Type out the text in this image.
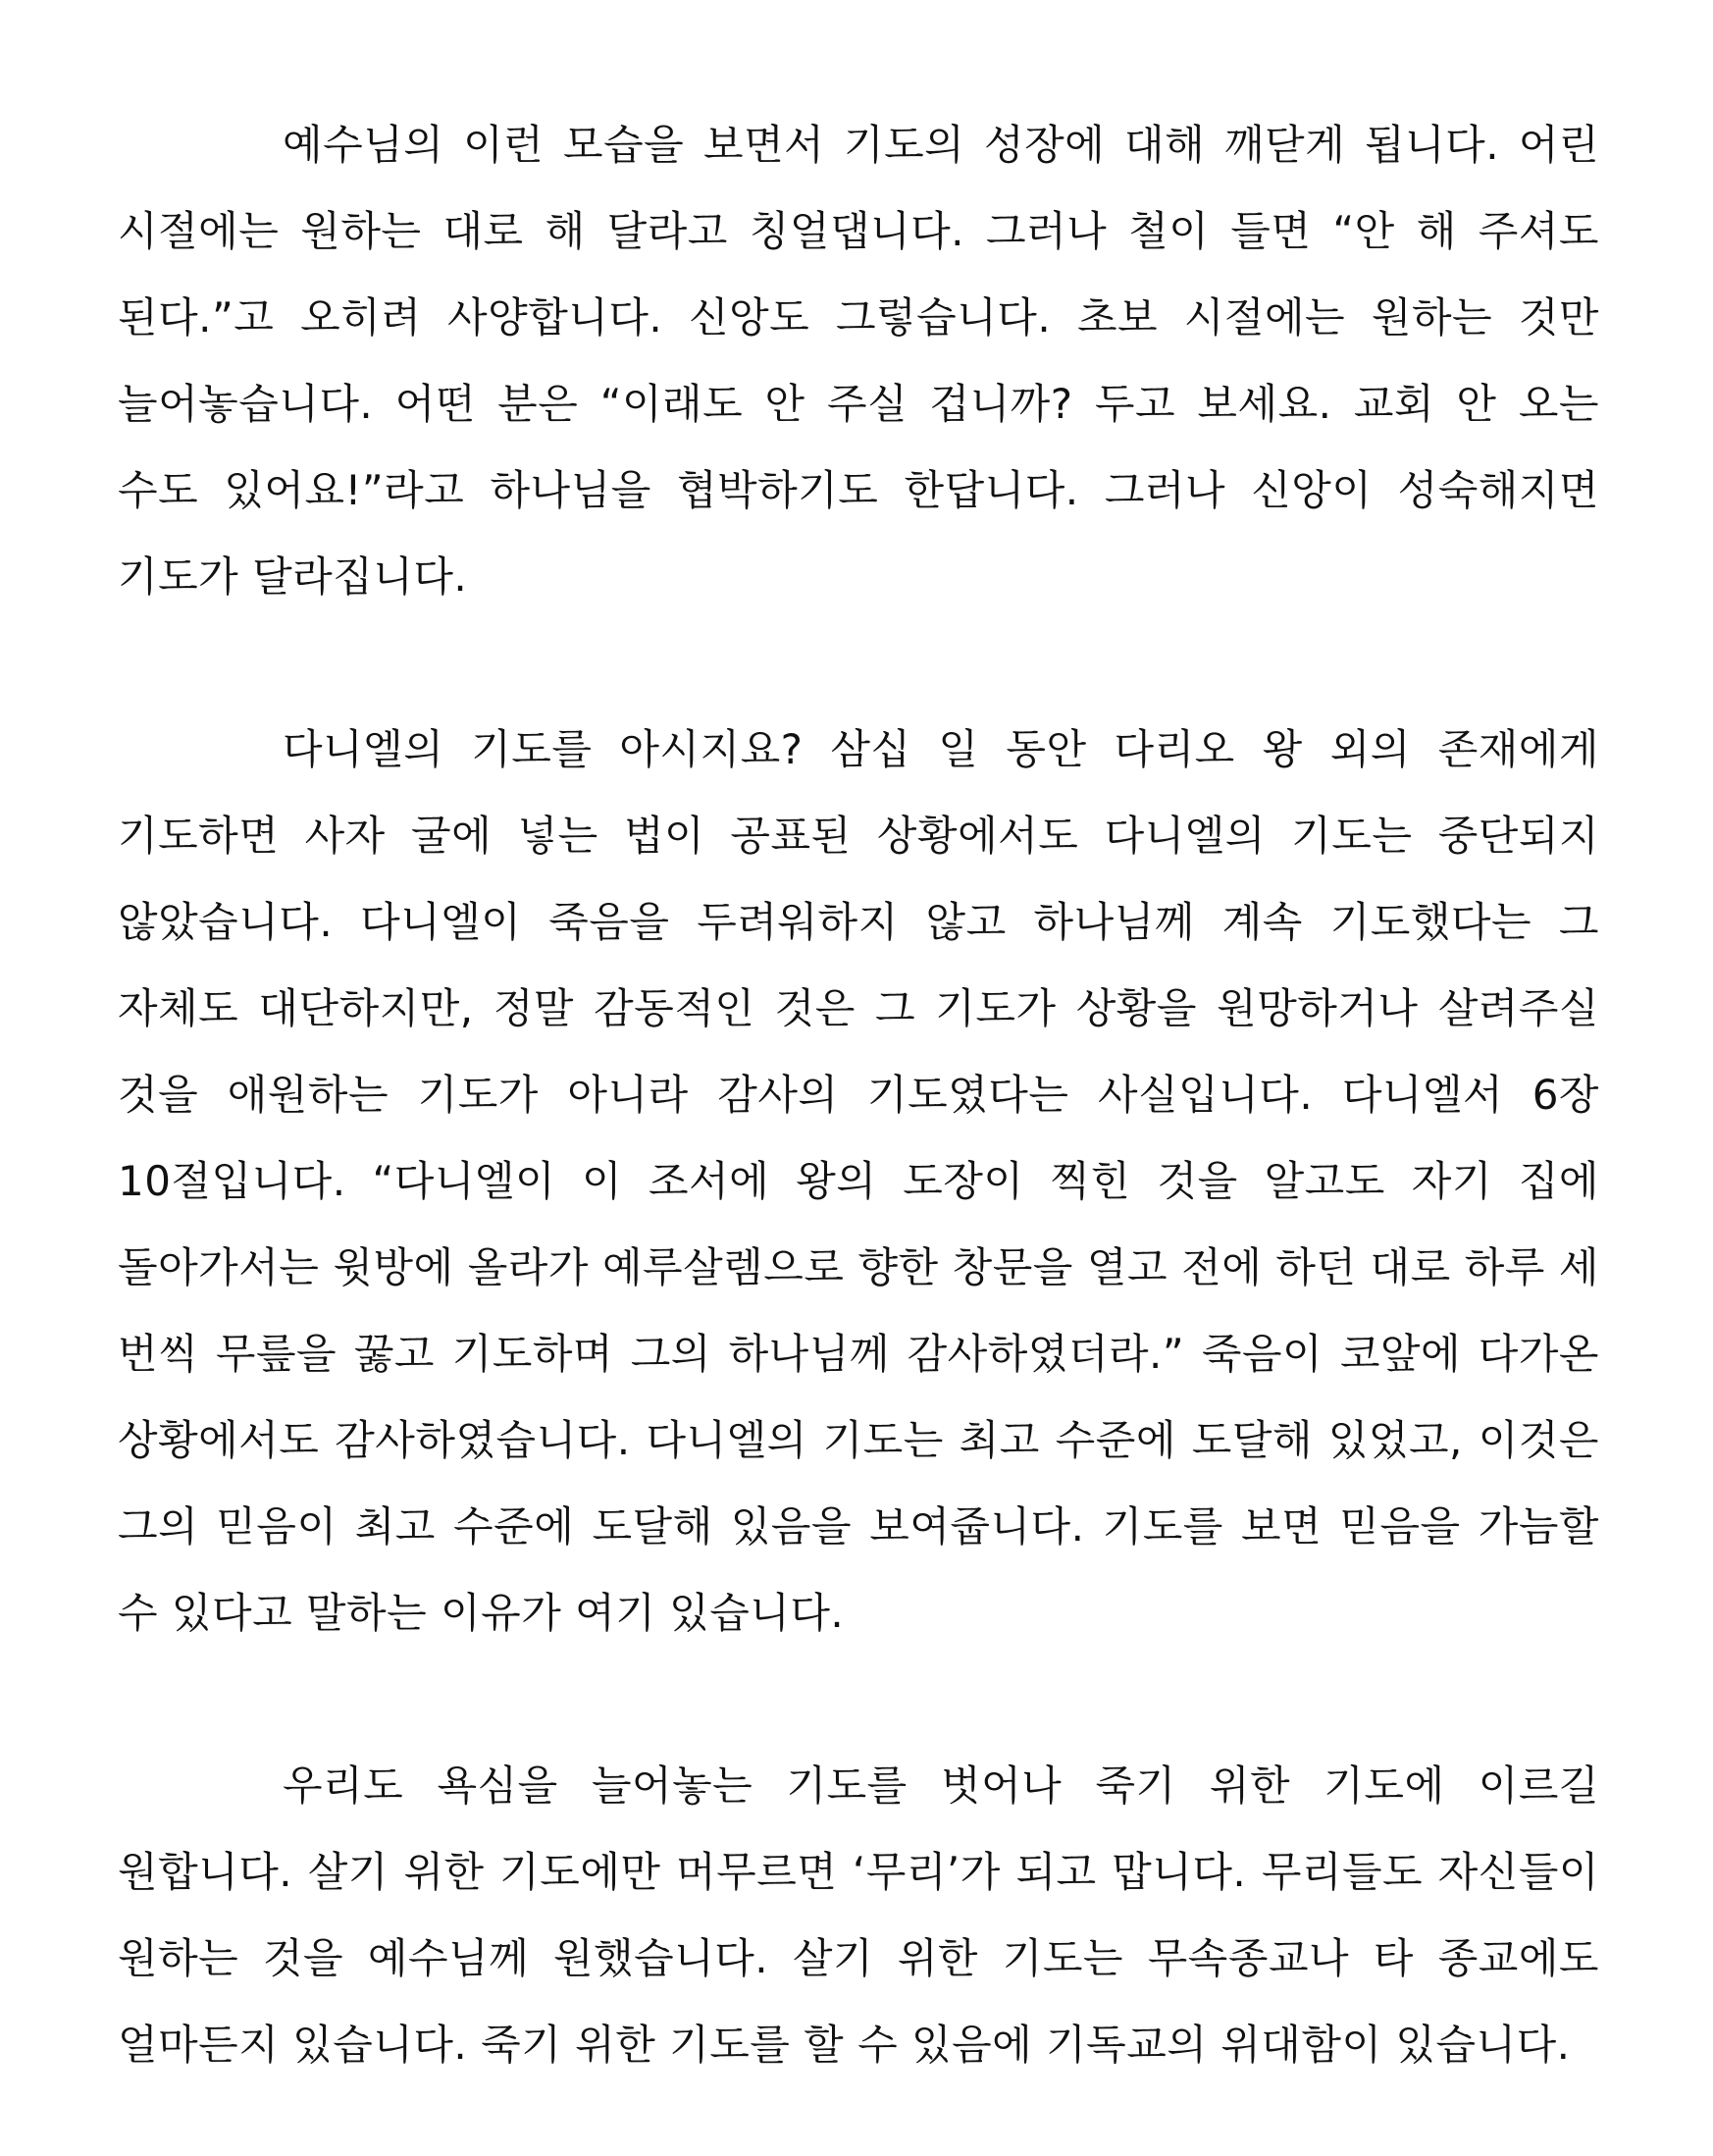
예수님의 이런 모습을 보면서 기도의 성장에 대해 깨닫게 됩니다. 어린 시절에는 원하는 대로 해 달라고 칭얼댑니다. 그러나 철이 들면 “안 해 주셔도 된다.”고 오히려 사양합니다. 신앙도 그렇습니다. 초보 시절에는 원하는 것만 늘어놓습니다. 어떤 분은 “이래도 안 주실 겁니까? 두고 보세요. 교회 안 오는 수도 있어요!”라고 하나님을 협박하기도 한답니다. 그러나 신앙이 성숙해지면 기도가 달라집니다.

다니엘의 기도를 아시지요? 삼십 일 동안 다리오 왕 외의 존재에게 기도하면 사자 굴에 넣는 법이 공표된 상황에서도 다니엘의 기도는 중단되지 않았습니다. 다니엘이 죽음을 두려워하지 않고 하나님께 계속 기도했다는 그 자체도 대단하지만, 정말 감동적인 것은 그 기도가 상황을 원망하거나 살려주실 것을 애원하는 기도가 아니라 감사의 기도였다는 사실입니다. 다니엘서 6장 10절입니다. “다니엘이 이 조서에 왕의 도장이 찍힌 것을 알고도 자기 집에 돌아가서는 윗방에 올라가 예루살렘으로 향한 창문을 열고 전에 하던 대로 하루 세 번씩 무릎을 꿇고 기도하며 그의 하나님께 감사하였더라.” 죽음이 코앞에 다가온 상황에서도 감사하였습니다. 다니엘의 기도는 최고 수준에 도달해 있었고, 이것은 그의 믿음이 최고 수준에 도달해 있음을 보여줍니다. 기도를 보면 믿음을 가늠할 수 있다고 말하는 이유가 여기 있습니다.

우리도 욕심을 늘어놓는 기도를 벗어나 죽기 위한 기도에 이르길 원합니다. 살기 위한 기도에만 머무르면 ‘무리’가 되고 맙니다. 무리들도 자신들이 원하는 것을 예수님께 원했습니다. 살기 위한 기도는 무속종교나 타 종교에도 얼마든지 있습니다. 죽기 위한 기도를 할 수 있음에 기독교의 위대함이 있습니다.
